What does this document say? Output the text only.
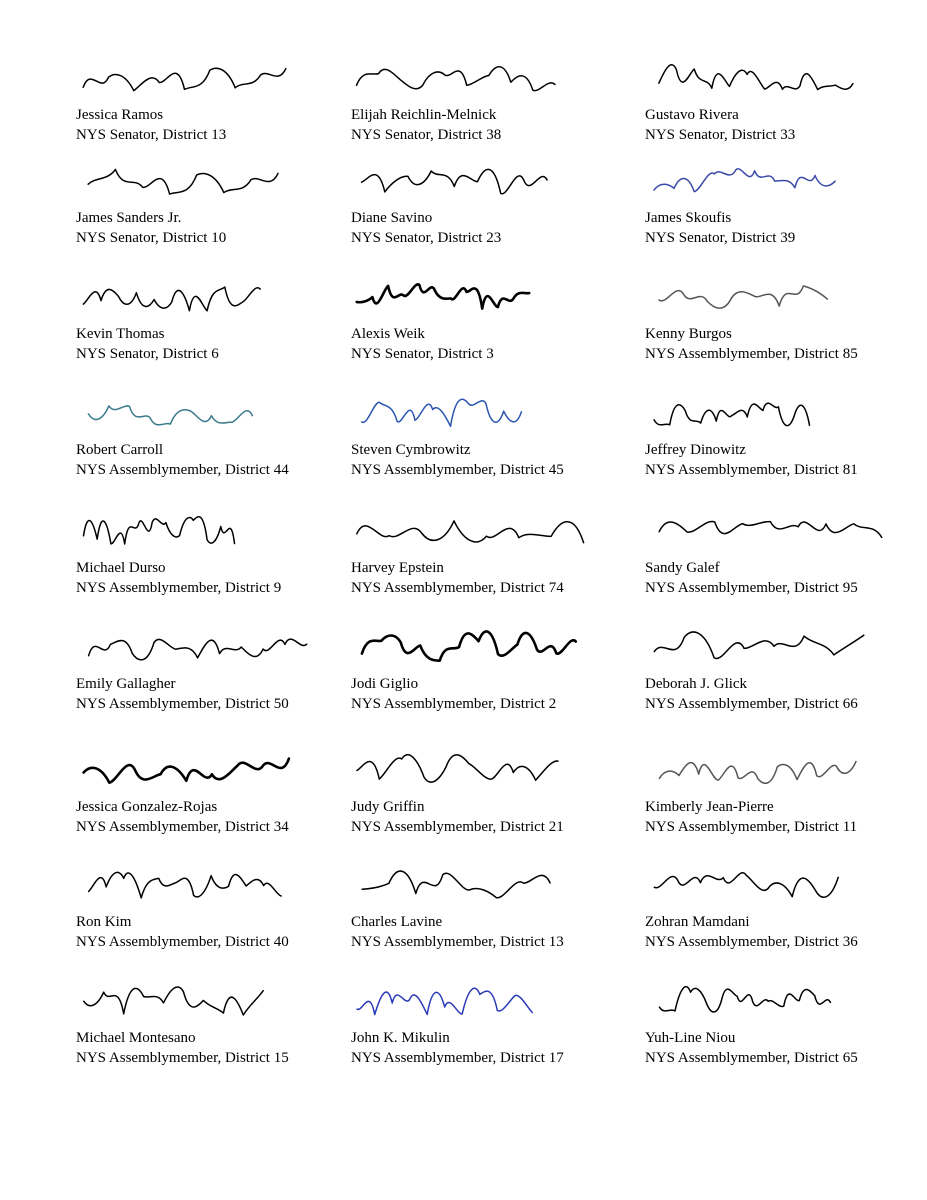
Jessica Ramos
NYS Senator, District 13
Elijah Reichlin-Melnick
NYS Senator, District 38
Gustavo Rivera
NYS Senator, District 33
James Sanders Jr.
NYS Senator, District 10
Diane Savino
NYS Senator, District 23
James Skoufis
NYS Senator, District 39
Kevin Thomas
NYS Senator, District 6
Alexis Weik
NYS Senator, District 3
Kenny Burgos
NYS Assemblymember, District 85
Robert Carroll
NYS Assemblymember, District 44
Steven Cymbrowitz
NYS Assemblymember, District 45
Jeffrey Dinowitz
NYS Assemblymember, District 81
Michael Durso
NYS Assemblymember, District 9
Harvey Epstein
NYS Assemblymember, District 74
Sandy Galef
NYS Assemblymember, District 95
Emily Gallagher
NYS Assemblymember, District 50
Jodi Giglio
NYS Assemblymember, District 2
Deborah J. Glick
NYS Assemblymember, District 66
Jessica Gonzalez-Rojas
NYS Assemblymember, District 34
Judy Griffin
NYS Assemblymember, District 21
Kimberly Jean-Pierre
NYS Assemblymember, District 11
Ron Kim
NYS Assemblymember, District 40
Charles Lavine
NYS Assemblymember, District 13
Zohran Mamdani
NYS Assemblymember, District 36
Michael Montesano
NYS Assemblymember, District 15
John K. Mikulin
NYS Assemblymember, District 17
Yuh-Line Niou
NYS Assemblymember, District 65
